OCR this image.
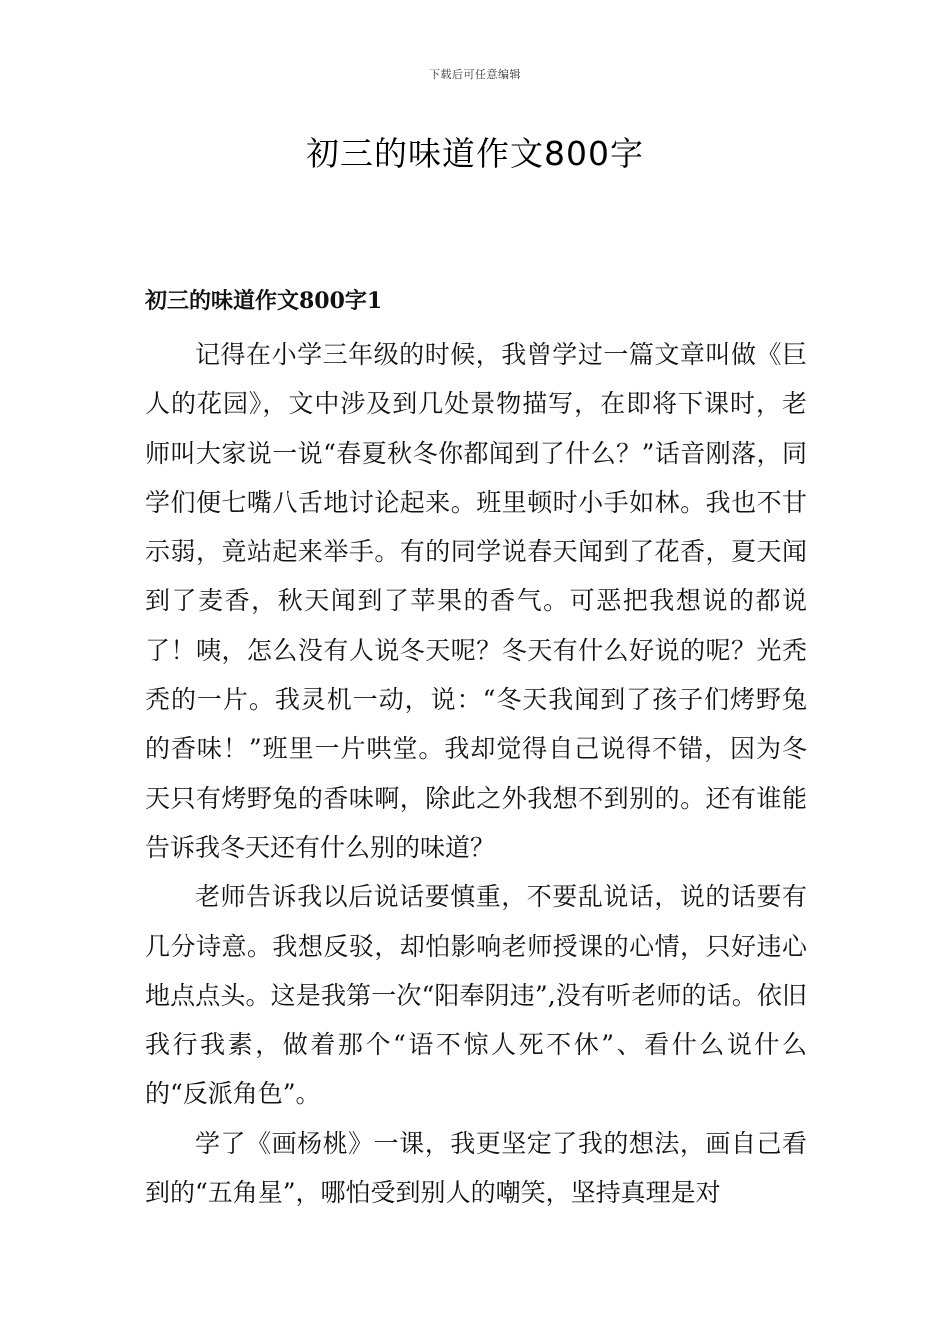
下载后可任意编辑
初三的味道作文800字
初三的味道作文800字1

记得在小学三年级的时候，我曾学过一篇文章叫做《巨人的花园》，文中涉及到几处景物描写，在即将下课时，老师叫大家说一说“春夏秋冬你都闻到了什么？”话音刚落，同学们便七嘴八舌地讨论起来。班里顿时小手如林。我也不甘示弱，竟站起来举手。有的同学说春天闻到了花香，夏天闻到了麦香，秋天闻到了苹果的香气。可恶把我想说的都说了！咦，怎么没有人说冬天呢？冬天有什么好说的呢？光秃秃的一片。我灵机一动，说：“冬天我闻到了孩子们烤野兔的香味！”班里一片哄堂。我却觉得自己说得不错，因为冬天只有烤野兔的香味啊，除此之外我想不到别的。还有谁能告诉我冬天还有什么别的味道？

老师告诉我以后说话要慎重，不要乱说话，说的话要有几分诗意。我想反驳，却怕影响老师授课的心情，只好违心地点点头。这是我第一次“阳奉阴违”,没有听老师的话。依旧我行我素，做着那个“语不惊人死不休”、看什么说什么的“反派角色”。

学了《画杨桃》一课，我更坚定了我的想法，画自己看到的“五角星”，哪怕受到别人的嘲笑，坚持真理是对
